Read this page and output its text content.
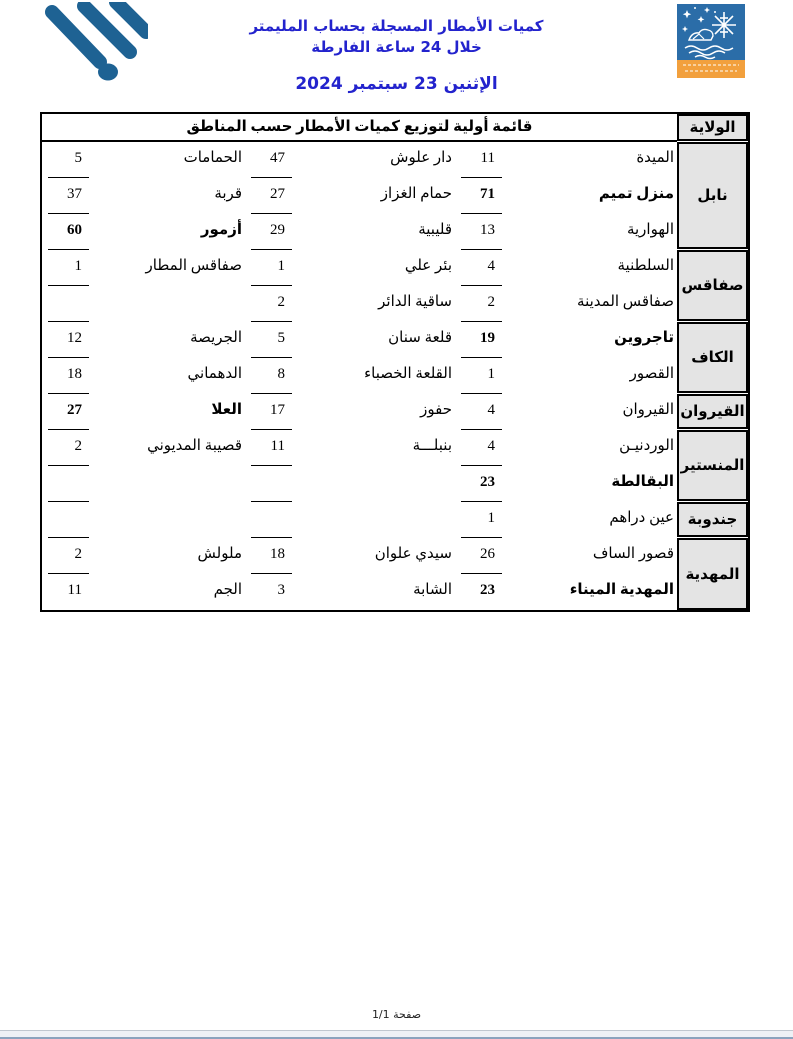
كميات الأمطار المسجلة بحساب المليمتر
خلال 24 ساعة الفارطة
الإثنين 23 سبتمبر 2024
الولاية
نابل
صفاقس
الكاف
القيروان
المنستير
جندوبة
المهدية
قائمة أولية لتوزيع كميات الأمطار حسب المناطق
الميدة
11
دار علوش
47
الحمامات
5
منزل تميم
71
حمام الغزاز
27
قربة
37
الهوارية
13
قليبية
29
أزمور
60
السلطنية
4
بئر علي
1
صفاقس المطار
1
صفاقس المدينة
2
ساقية الدائر
2
تاجروين
19
قلعة سنان
5
الجريصة
12
القصور
1
القلعة الخصباء
8
الدهماني
18
القيروان
4
حفوز
17
العلا
27
الوردنيـن
4
بنبلـــة
11
قصيبة المديوني
2
البقالطة
23
عين دراهم
1
قصور الساف
26
سيدي علوان
18
ملولش
2
المهدية الميناء
23
الشابة
3
الجم
11
صفحة 1/1
